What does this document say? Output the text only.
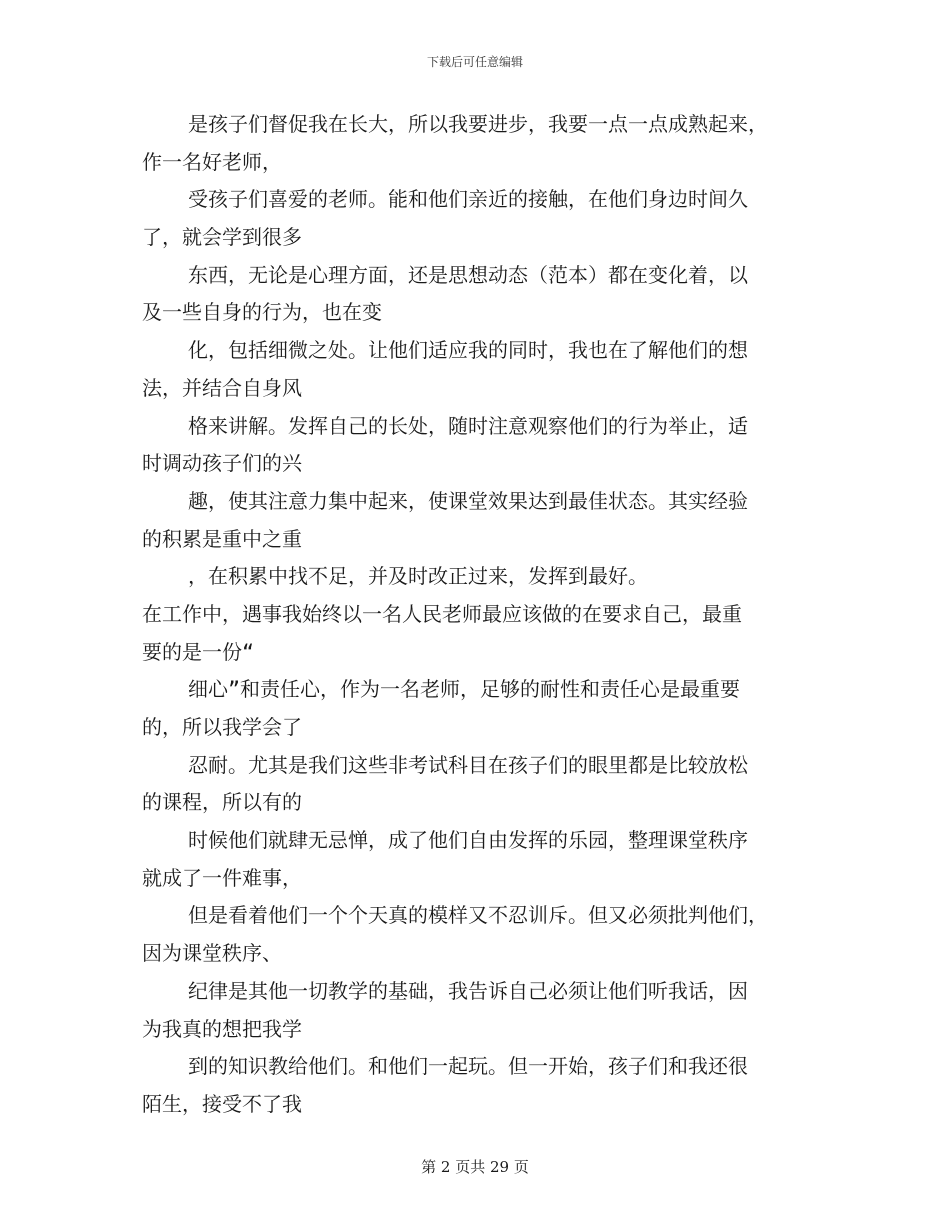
下载后可任意编辑
是孩子们督促我在长大，所以我要进步，我要一点一点成熟起来，
作一名好老师，
受孩子们喜爱的老师。能和他们亲近的接触，在他们身边时间久
了，就会学到很多
东西，无论是心理方面，还是思想动态（范本）都在变化着，以
及一些自身的行为，也在变
化，包括细微之处。让他们适应我的同时，我也在了解他们的想
法，并结合自身风
格来讲解。发挥自己的长处，随时注意观察他们的行为举止，适
时调动孩子们的兴
趣，使其注意力集中起来，使课堂效果达到最佳状态。其实经验
的积累是重中之重
，在积累中找不足，并及时改正过来，发挥到最好。
在工作中，遇事我始终以一名人民老师最应该做的在要求自己，最重
要的是一份“
细心”和责任心，作为一名老师，足够的耐性和责任心是最重要
的，所以我学会了
忍耐。尤其是我们这些非考试科目在孩子们的眼里都是比较放松
的课程，所以有的
时候他们就肆无忌惮，成了他们自由发挥的乐园，整理课堂秩序
就成了一件难事，
但是看着他们一个个天真的模样又不忍训斥。但又必须批判他们，
因为课堂秩序、
纪律是其他一切教学的基础，我告诉自己必须让他们听我话，因
为我真的想把我学
到的知识教给他们。和他们一起玩。但一开始，孩子们和我还很
陌生，接受不了我
第 2 页共 29 页
